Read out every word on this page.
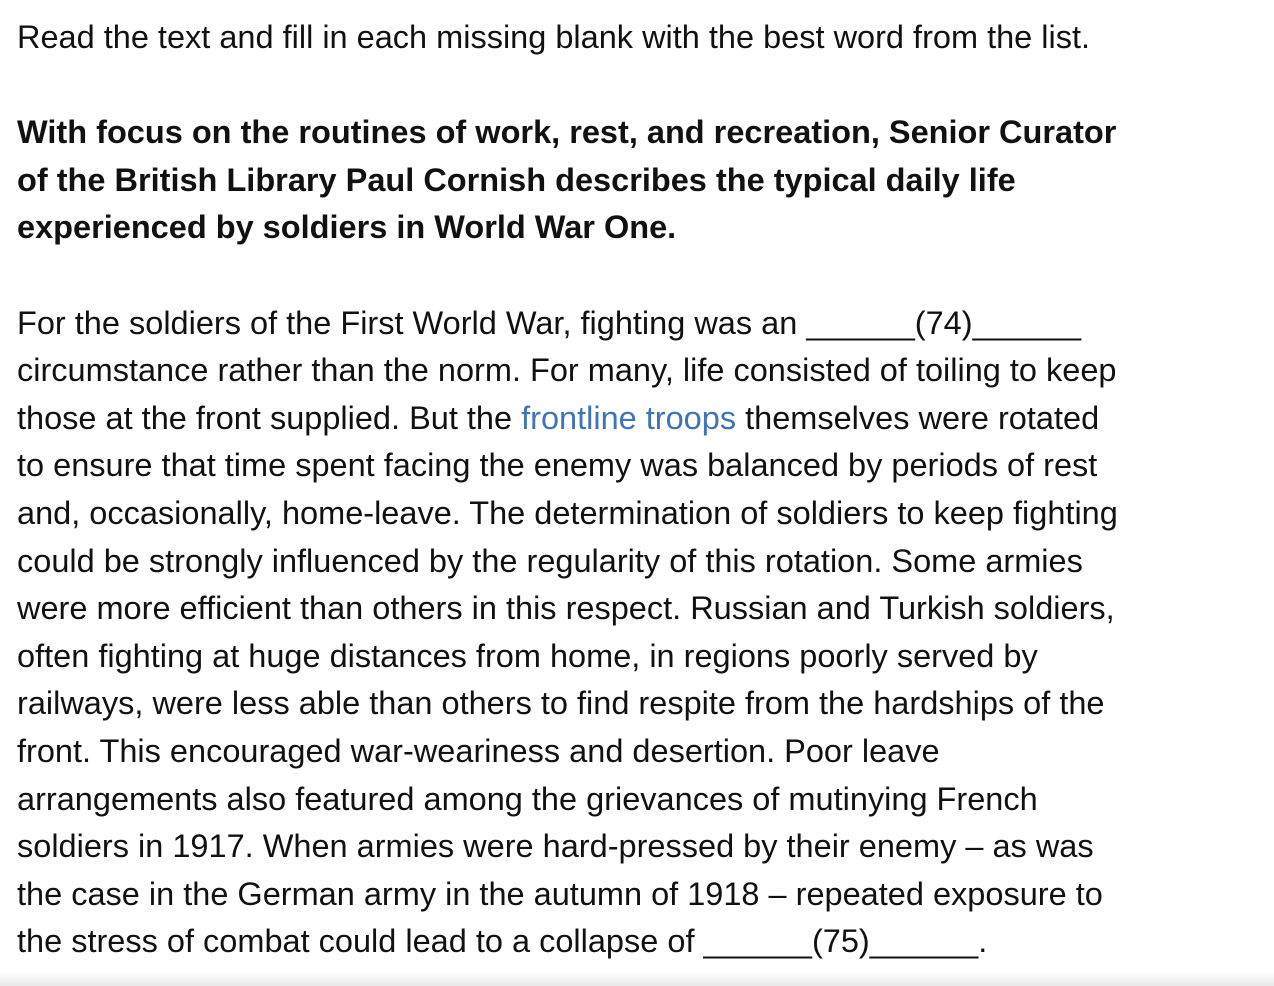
Read the text and fill in each missing blank with the best word from the list.

With focus on the routines of work, rest, and recreation, Senior Curator

of the British Library Paul Cornish describes the typical daily life

experienced by soldiers in World War One.

For the soldiers of the First World War, fighting was an ______(74)______

circumstance rather than the norm. For many, life consisted of toiling to keep

those at the front supplied. But the frontline troops themselves were rotated

to ensure that time spent facing the enemy was balanced by periods of rest

and, occasionally, home-leave. The determination of soldiers to keep fighting

could be strongly influenced by the regularity of this rotation. Some armies

were more efficient than others in this respect. Russian and Turkish soldiers,

often fighting at huge distances from home, in regions poorly served by

railways, were less able than others to find respite from the hardships of the

front. This encouraged war-weariness and desertion. Poor leave

arrangements also featured among the grievances of mutinying French

soldiers in 1917. When armies were hard-pressed by their enemy – as was

the case in the German army in the autumn of 1918 – repeated exposure to

the stress of combat could lead to a collapse of ______(75)______.
